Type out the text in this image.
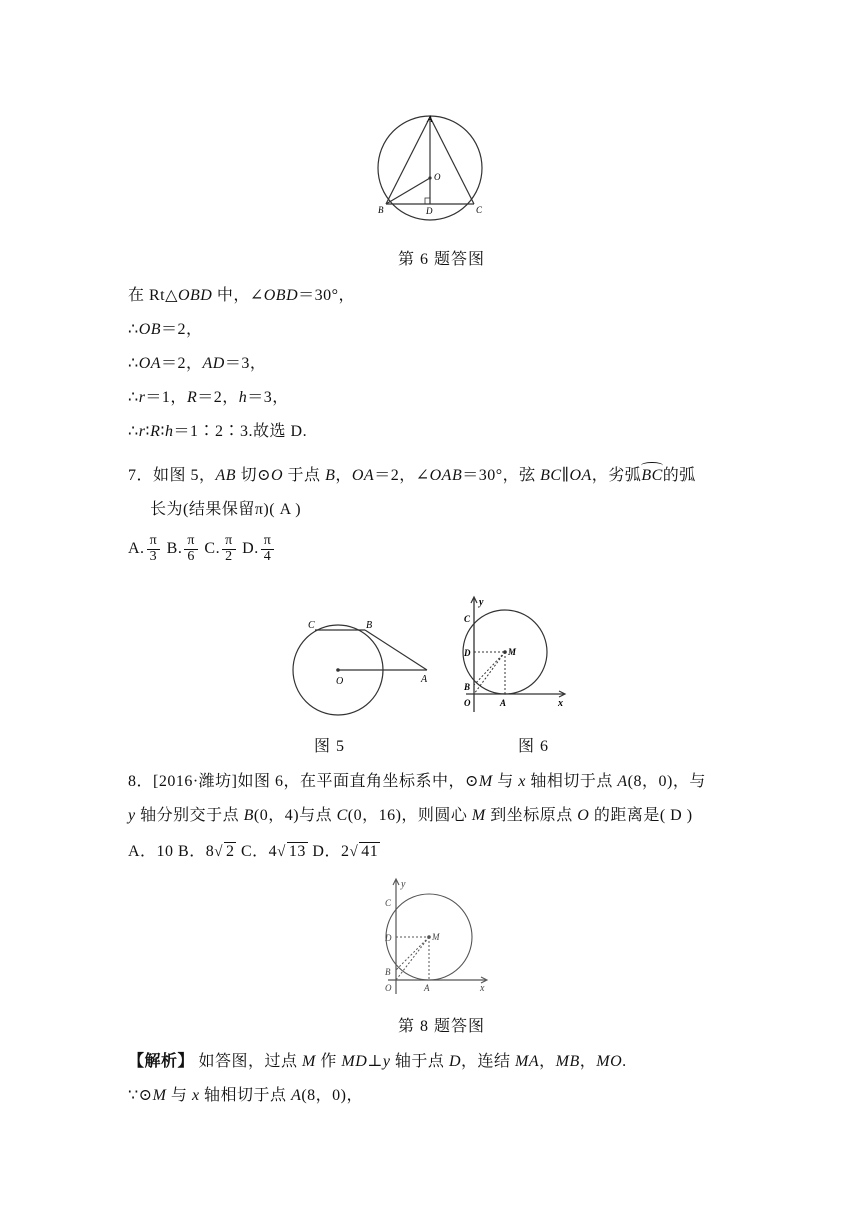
A
O
B	D	C
第 6 题答图
在 Rt△OBD 中，∠OBD＝30°，
∴OB＝2，
∴OA＝2，AD＝3，
∴r＝1，R＝2，h＝3，
∴r∶R∶h＝1∶2∶3.故选 D.
7．如图 5，AB 切⊙O 于点 B，OA＝2，∠OAB＝30°，弦 BC∥OA，劣弧BC
的弧
长为(结果保留π)( A )
A. $\frac{\pi}{3} B$. $\frac{\pi}{6} C$. $\frac{\pi}{2} D$. $\frac{\pi}{4}$
C	B
O	A
y
C
D	M
B
O	A	x
图 5	图 6
8．[2016·潍坊]如图 6，在平面直角坐标系中，⊙M 与 x 轴相切于点 A(8，0)，与
y 轴分别交于点 B(0，4)与点 C(0，16)，则圆心 M 到坐标原点 O 的距离是( D )
A．10 B．8√ 2 C．4√ 13 D．2√ 41
y
C
D	M
B
O	A	x
第 8 题答图
【解析】 如答图，过点 M 作 MD⊥y 轴于点 D，连结 MA，MB，MO.
∵⊙M 与 x 轴相切于点 A(8，0)，
